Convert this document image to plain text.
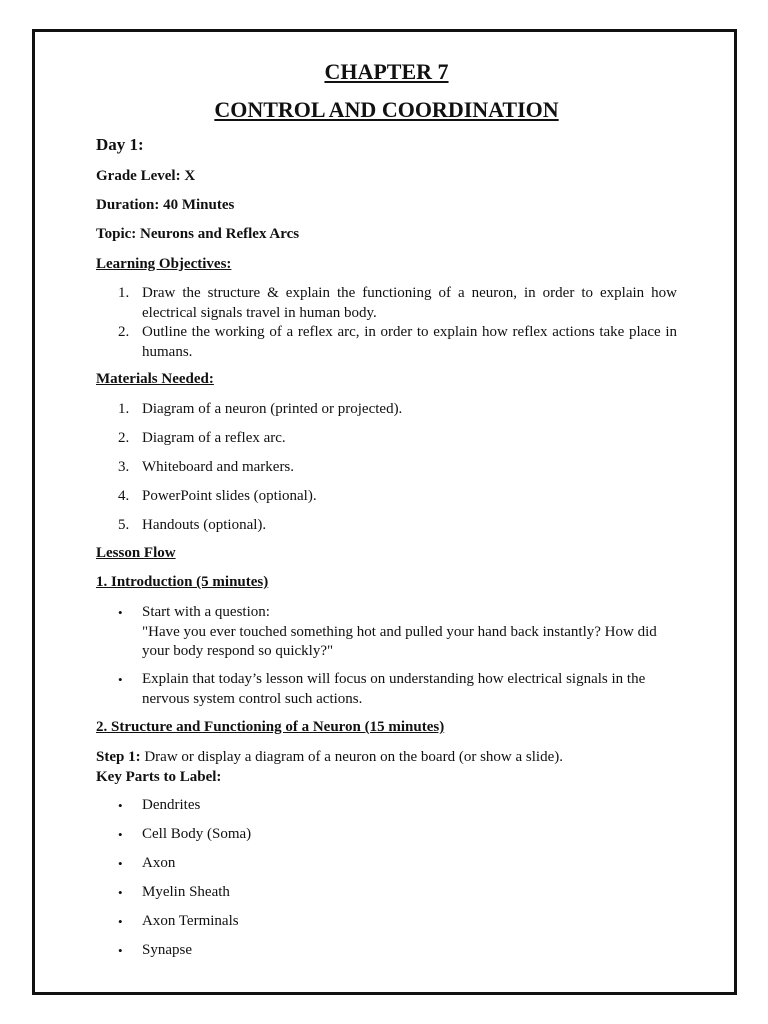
CHAPTER 7
CONTROL AND COORDINATION
Day 1:
Grade Level: X
Duration: 40 Minutes
Topic: Neurons and Reflex Arcs
Learning Objectives:
1. Draw the structure & explain the functioning of a neuron, in order to explain how electrical signals travel in human body.
2. Outline the working of a reflex arc, in order to explain how reflex actions take place in humans.
Materials Needed:
1. Diagram of a neuron (printed or projected).
2. Diagram of a reflex arc.
3. Whiteboard and markers.
4. PowerPoint slides (optional).
5. Handouts (optional).
Lesson Flow
1. Introduction (5 minutes)
• Start with a question:
"Have you ever touched something hot and pulled your hand back instantly? How did your body respond so quickly?"
• Explain that today’s lesson will focus on understanding how electrical signals in the nervous system control such actions.
2. Structure and Functioning of a Neuron (15 minutes)
Step 1: Draw or display a diagram of a neuron on the board (or show a slide).
Key Parts to Label:
• Dendrites
• Cell Body (Soma)
• Axon
• Myelin Sheath
• Axon Terminals
• Synapse
